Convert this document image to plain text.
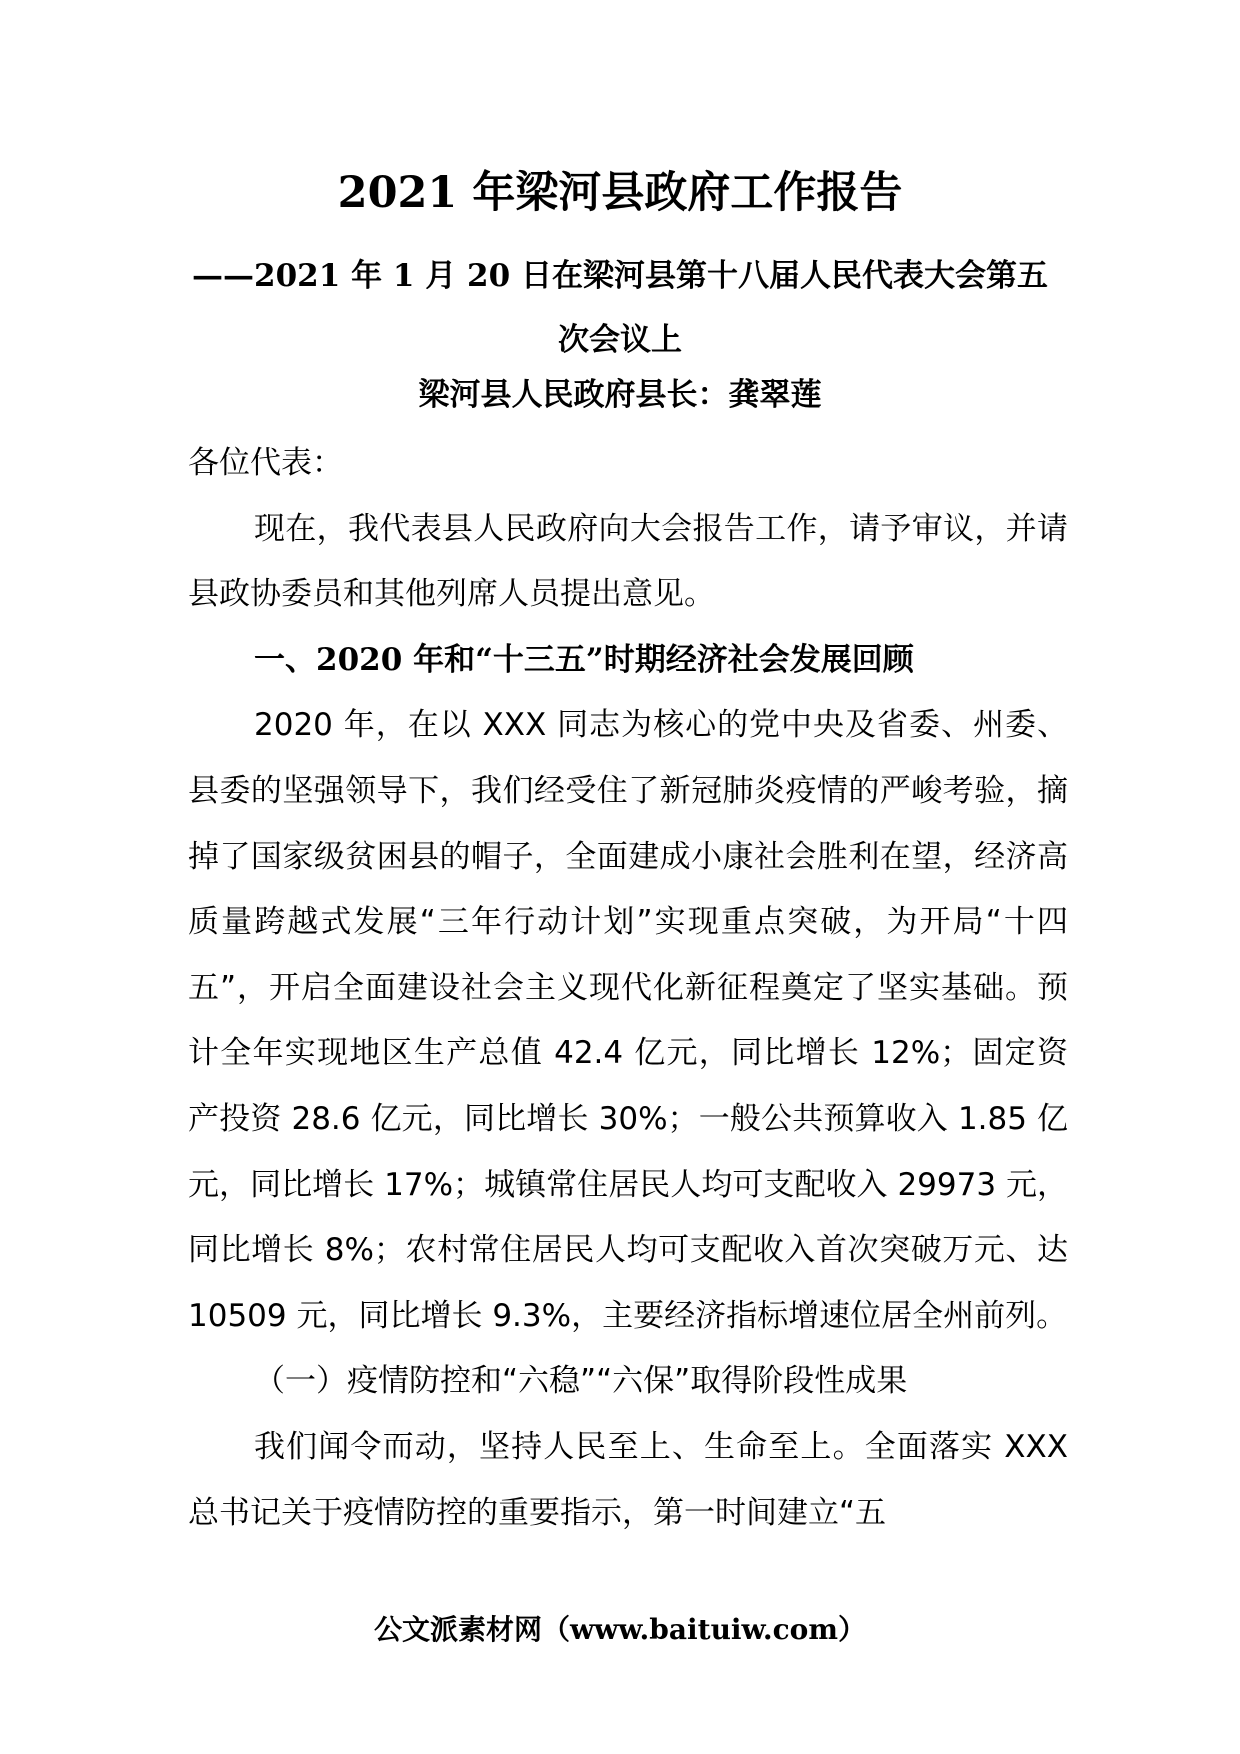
2021 年梁河县政府工作报告
——2021 年 1 月 20 日在梁河县第十八届人民代表大会第五次会议上
梁河县人民政府县长：龚翠莲

各位代表：

现在，我代表县人民政府向大会报告工作，请予审议，并请县政协委员和其他列席人员提出意见。

一、2020 年和“十三五”时期经济社会发展回顾

2020 年，在以 XXX 同志为核心的党中央及省委、州委、县委的坚强领导下，我们经受住了新冠肺炎疫情的严峻考验，摘掉了国家级贫困县的帽子，全面建成小康社会胜利在望，经济高质量跨越式发展“三年行动计划”实现重点突破，为开局“十四五”，开启全面建设社会主义现代化新征程奠定了坚实基础。预计全年实现地区生产总值 42.4 亿元，同比增长 12%；固定资产投资 28.6 亿元，同比增长 30%；一般公共预算收入 1.85 亿元，同比增长 17%；城镇常住居民人均可支配收入 29973 元，同比增长 8%；农村常住居民人均可支配收入首次突破万元、达 10509 元，同比增长 9.3%，主要经济指标增速位居全州前列。

（一）疫情防控和“六稳”“六保”取得阶段性成果

我们闻令而动，坚持人民至上、生命至上。全面落实 XXX 总书记关于疫情防控的重要指示，第一时间建立“五

公文派素材网（www.baituiw.com）
